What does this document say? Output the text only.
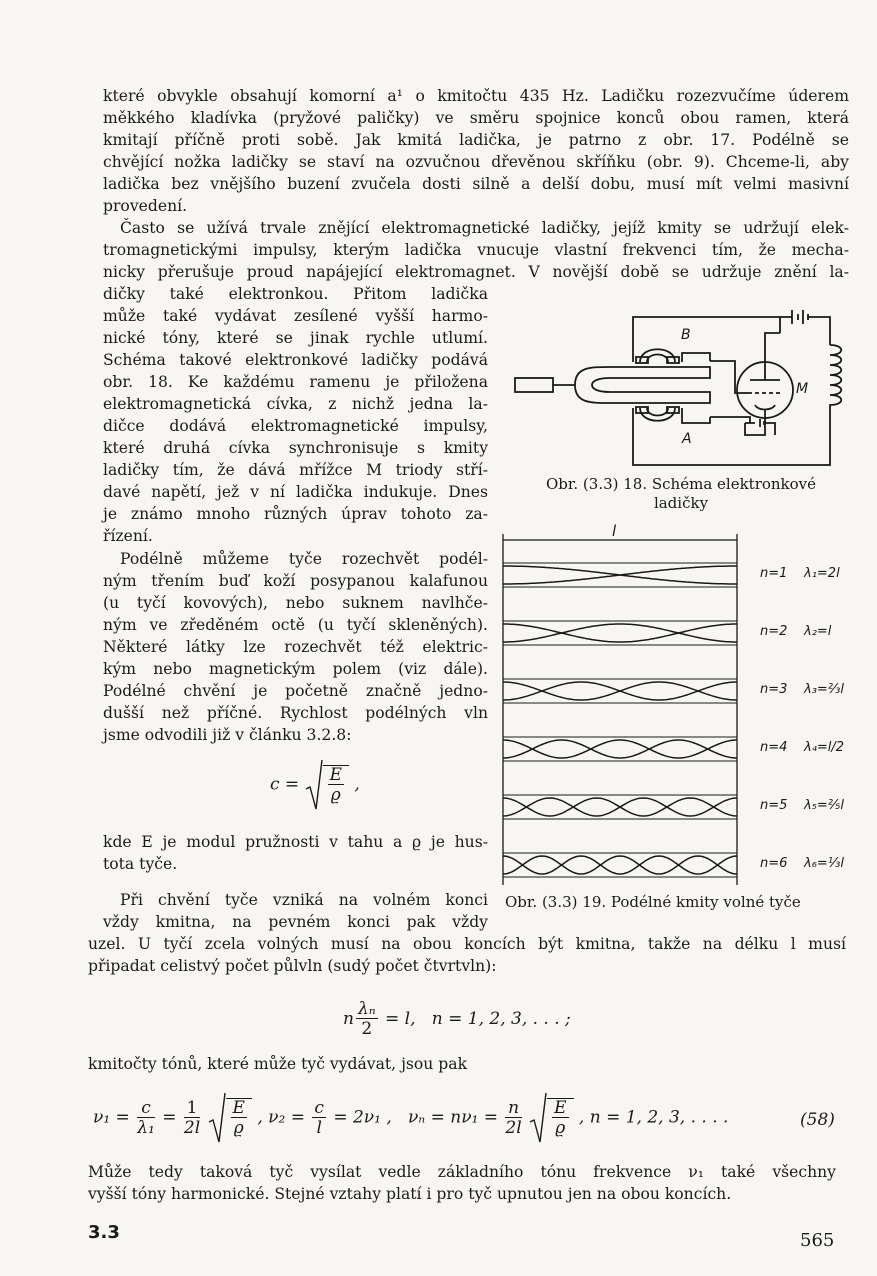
které obvykle obsahují komorní a¹ o kmitočtu 435 Hz. Ladičku rozezvučíme úderem
měkkého kladívka (pryžové paličky) ve směru spojnice konců obou ramen, která
kmitají příčně proti sobě. Jak kmitá ladička, je patrno z obr. 17. Podélně se
chvějící nožka ladičky se staví na ozvučnou dřevěnou skříňku (obr. 9). Chceme-li, aby
ladička bez vnějšího buzení zvučela dosti silně a delší dobu, musí mít velmi masivní
provedení.
Často se užívá trvale znějící elektromagnetické ladičky, jejíž kmity se udržují elek-
tromagnetickými impulsy, kterým ladička vnucuje vlastní frekvenci tím, že mecha-
nicky přerušuje proud napájející elektromagnet. V novější době se udržuje znění la-
dičky také elektronkou. Přitom ladička
může také vydávat zesílené vyšší harmo-
nické tóny, které se jinak rychle utlumí.
Schéma takové elektronkové ladičky podává
obr. 18. Ke každému ramenu je přiložena
elektromagnetická cívka, z nichž jedna la-
dičce dodává elektromagnetické impulsy,
které druhá cívka synchronisuje s kmity
ladičky tím, že dává mřížce M triody stří-
davé napětí, jež v ní ladička indukuje. Dnes
je známo mnoho různých úprav tohoto za-
řízení.
B
A
M
Obr. (3.3) 18. Schéma elektronkové
ladičky
Podélně můžeme tyče rozechvět podél-
ným třením buď koží posypanou kalafunou
(u tyčí kovových), nebo suknem navlhče-
ným ve zředěném octě (u tyčí skleněných).
Některé látky lze rozechvět též elektric-
kým nebo magnetickým polem (viz dále).
Podélné chvění je početně značně jedno-
dušší než příčné. Rychlost podélných vln
jsme odvodili již v článku 3.2.8:
$c = \frac{E}{ϱ}$ ,
kde E je modul pružnosti v tahu a ϱ je hus-
tota tyče.
Při chvění tyče vzniká na volném konci
vždy kmitna, na pevném konci pak vždy
uzel. U tyčí zcela volných musí na obou koncích být kmitna, takže na délku l musí
připadat celistvý počet půlvln (sudý počet čtvrtvln):
l
Obr. (3.3) 19. Podélné kmity volné tyče
n $\frac{\text{λₙ}}{2} = l$, n = 1, 2, 3, . . . ;
kmitočty tónů, které může tyč vydávat, jsou pak
$\nu_1 = \frac{c}{\text{λ₁}} = \frac{1}{2l}$
$\frac{E}{ϱ}$ , $\nu_2 = \frac{c}{l} = 2\nu_1$ , $\nu_n = n\nu_1 = \frac{n}{2l}$
$\frac{E}{ϱ}$ , n = 1, 2, 3, . . . .	(58)
Může tedy taková tyč vysílat vedle základního tónu frekvence ν₁ také všechny
vyšší tóny harmonické. Stejné vztahy platí i pro tyč upnutou jen na obou koncích.
3.3	565
n=1 λ₁=2l
n=2 λ₂=l
n=3 λ₃=⅔l
n=4 λ₄=l/2
n=5 λ₅=⅖l
n=6 λ₆=⅓l
